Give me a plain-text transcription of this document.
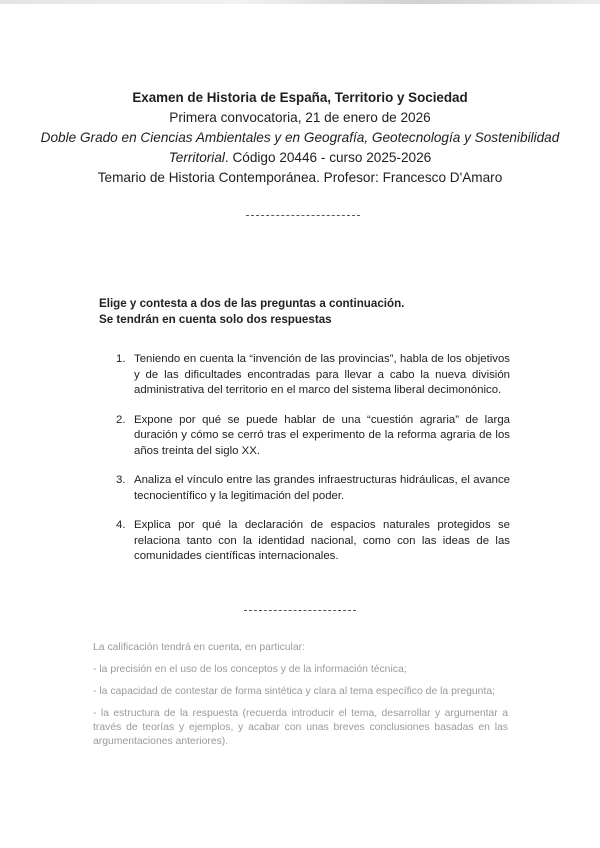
Examen de Historia de España, Territorio y Sociedad
Primera convocatoria, 21 de enero de 2026
Doble Grado en Ciencias Ambientales y en Geografía, Geotecnología y Sostenibilidad Territorial. Código 20446 - curso 2025-2026
Temario de Historia Contemporánea. Profesor: Francesco D'Amaro
Elige y contesta a dos de las preguntas a continuación.
Se tendrán en cuenta solo dos respuestas
1. Teniendo en cuenta la “invención de las provincias”, habla de los objetivos y de las dificultades encontradas para llevar a cabo la nueva división administrativa del territorio en el marco del sistema liberal decimonónico.
2. Expone por qué se puede hablar de una “cuestión agraria” de larga duración y cómo se cerró tras el experimento de la reforma agraria de los años treinta del siglo XX.
3. Analiza el vínculo entre las grandes infraestructuras hidráulicas, el avance tecnocientífico y la legitimación del poder.
4. Explica por qué la declaración de espacios naturales protegidos se relaciona tanto con la identidad nacional, como con las ideas de las comunidades científicas internacionales.

La calificación tendrá en cuenta, en particular:

- la precisión en el uso de los conceptos y de la información técnica;

- la capacidad de contestar de forma sintética y clara al tema específico de la pregunta;

- la estructura de la respuesta (recuerda introducir el tema, desarrollar y argumentar a través de teorías y ejemplos, y acabar con unas breves conclusiones basadas en las argumentaciones anteriores).
